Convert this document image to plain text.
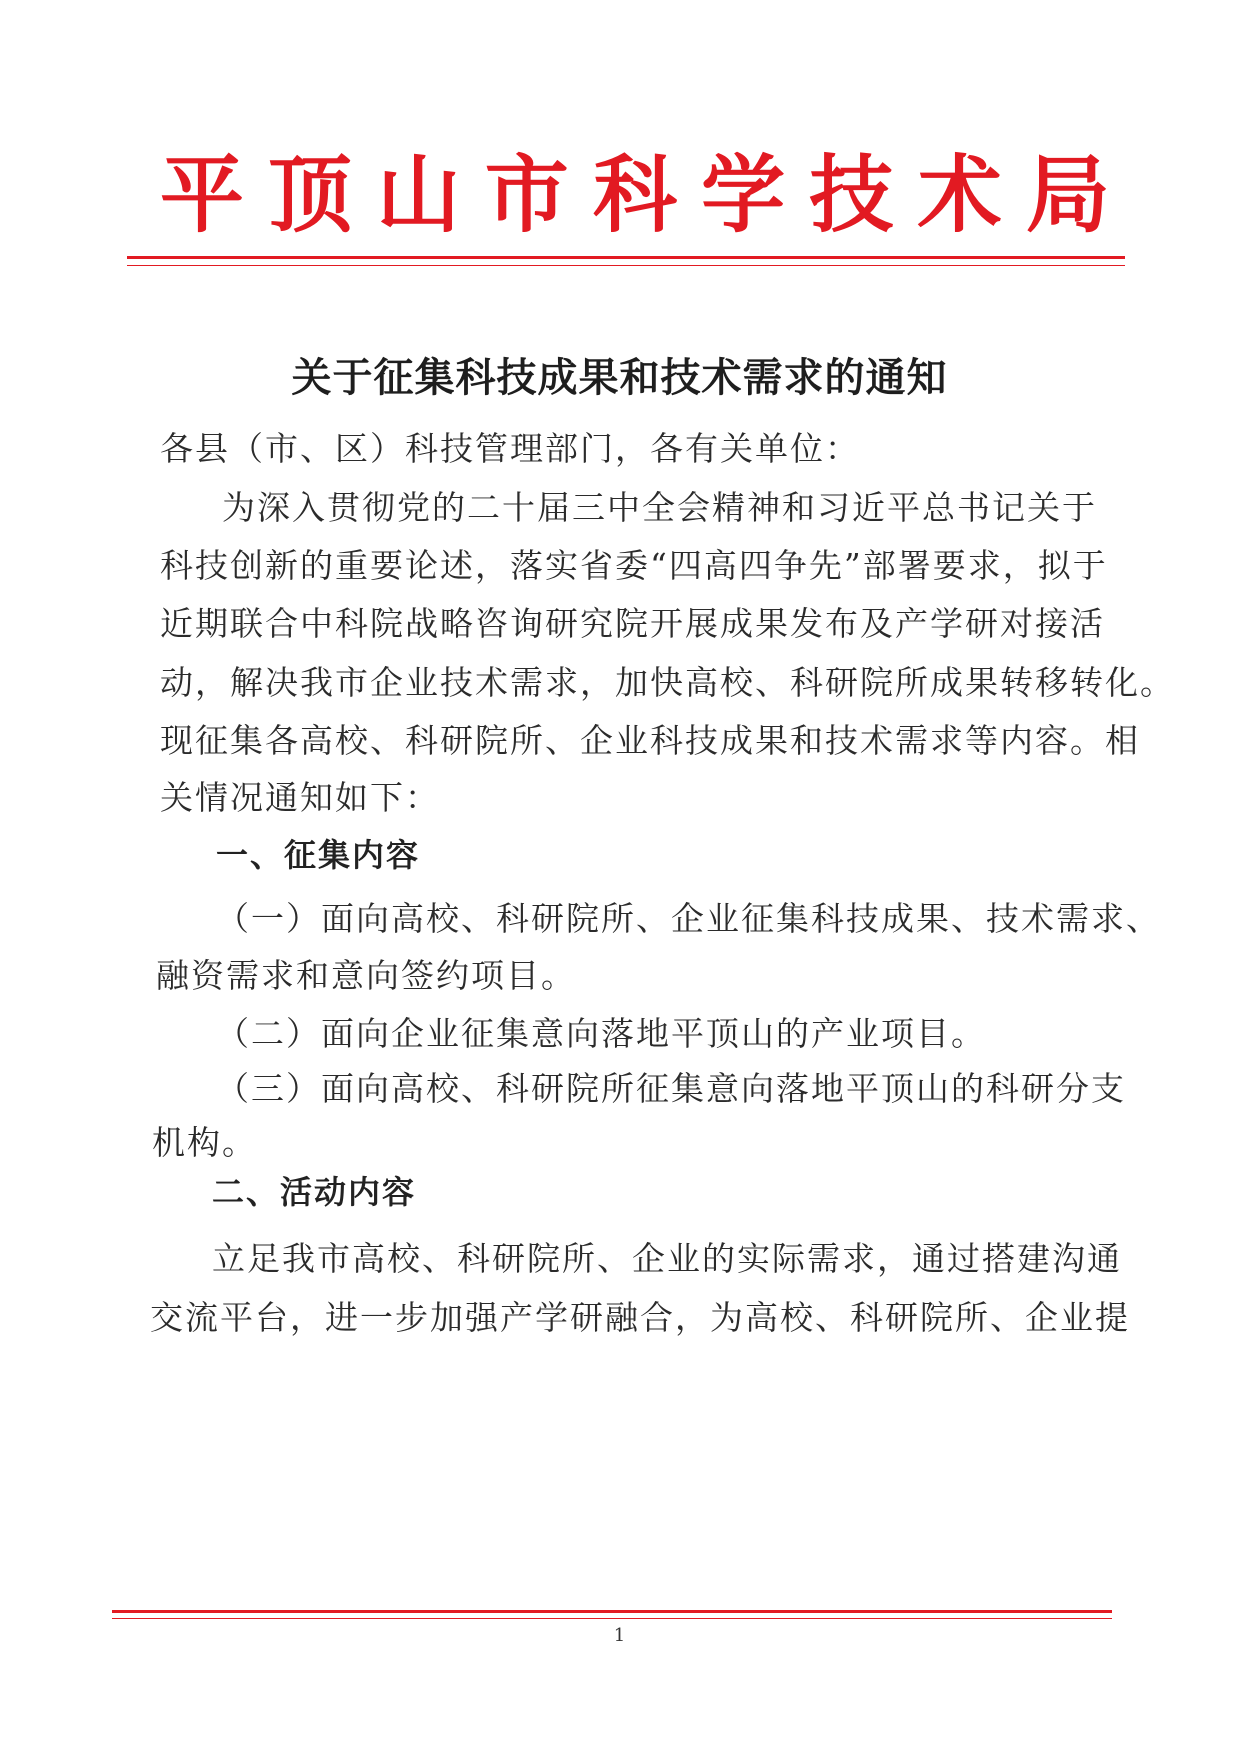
平 顶 山 市 科 学 技 术 局
关于征集科技成果和技术需求的通知
各县（市、区）科技管理部门，各有关单位：
为深入贯彻党的二十届三中全会精神和习近平总书记关于
科技创新的重要论述，落实省委“四高四争先”部署要求，拟于
近期联合中科院战略咨询研究院开展成果发布及产学研对接活
动，解决我市企业技术需求，加快高校、科研院所成果转移转化。
现征集各高校、科研院所、企业科技成果和技术需求等内容。相
关情况通知如下：
一、征集内容
（一）面向高校、科研院所、企业征集科技成果、技术需求、
融资需求和意向签约项目。
（二）面向企业征集意向落地平顶山的产业项目。
（三）面向高校、科研院所征集意向落地平顶山的科研分支
机构。
二、活动内容
立足我市高校、科研院所、企业的实际需求，通过搭建沟通
交流平台，进一步加强产学研融合，为高校、科研院所、企业提
1
